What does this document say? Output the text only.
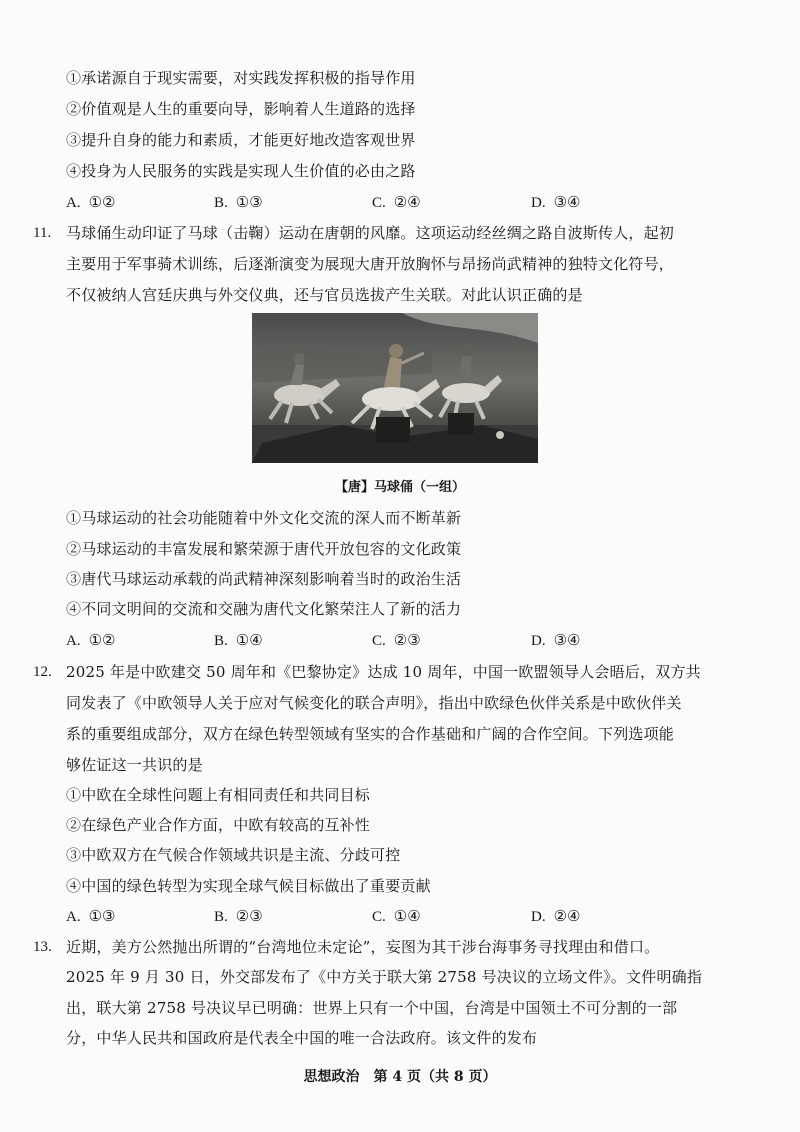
①承诺源自于现实需要，对实践发挥积极的指导作用
②价值观是人生的重要向导，影响着人生道路的选择
③提升自身的能力和素质，才能更好地改造客观世界
④投身为人民服务的实践是实现人生价值的必由之路
A. ①②	B. ①③	C. ②④	D. ③④
11. 马球俑生动印证了马球（击鞠）运动在唐朝的风靡。这项运动经丝绸之路自波斯传人，起初
主要用于军事骑术训练，后逐渐演变为展现大唐开放胸怀与昂扬尚武精神的独特文化符号，
不仅被纳人宫廷庆典与外交仪典，还与官员选拔产生关联。对此认识正确的是
【唐】马球俑（一组）
①马球运动的社会功能随着中外文化交流的深人而不断革新
②马球运动的丰富发展和繁荣源于唐代开放包容的文化政策
③唐代马球运动承载的尚武精神深刻影响着当时的政治生活
④不同文明间的交流和交融为唐代文化繁荣注人了新的活力
A. ①②	B. ①④	C. ②③	D. ③④
12. 2025 年是中欧建交 50 周年和《巴黎协定》达成 10 周年，中国一欧盟领导人会晤后，双方共
同发表了《中欧领导人关于应对气候变化的联合声明》，指出中欧绿色伙伴关系是中欧伙伴关
系的重要组成部分，双方在绿色转型领域有坚实的合作基础和广阔的合作空间。下列选项能
够佐证这一共识的是
①中欧在全球性问题上有相同责任和共同目标
②在绿色产业合作方面，中欧有较高的互补性
③中欧双方在气候合作领域共识是主流、分歧可控
④中国的绿色转型为实现全球气候目标做出了重要贡献
A. ①③	B. ②③	C. ①④	D. ②④
13. 近期，美方公然抛出所谓的“台湾地位未定论”，妄图为其干涉台海事务寻找理由和借口。
2025 年 9 月 30 日，外交部发布了《中方关于联大第 2758 号决议的立场文件》。文件明确指
出，联大第 2758 号决议早已明确：世界上只有一个中国，台湾是中国领土不可分割的一部
分，中华人民共和国政府是代表全中国的唯一合法政府。该文件的发布
思想政治　第 4 页（共 8 页）
